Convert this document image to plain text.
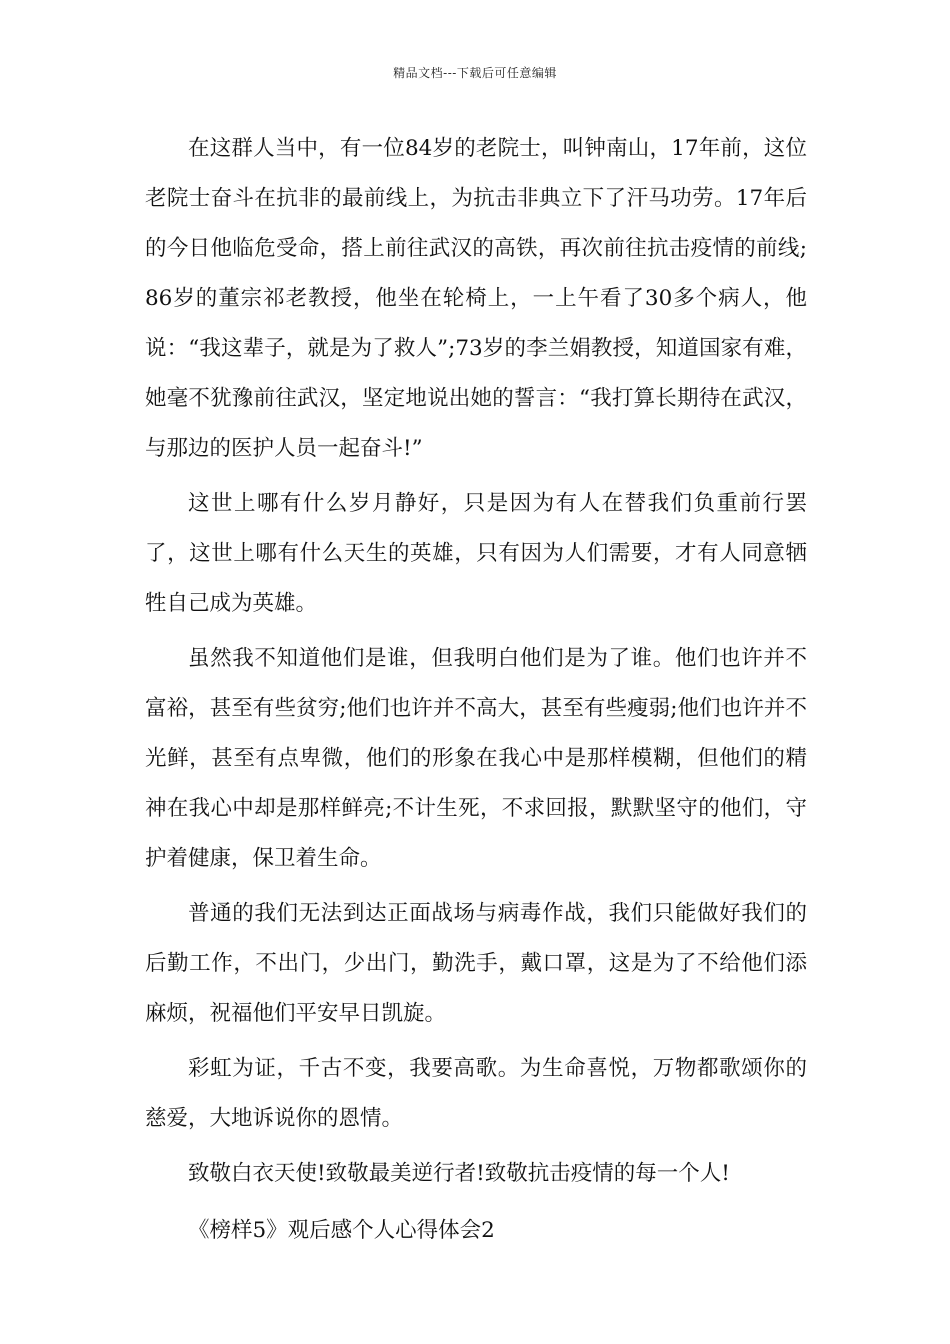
精品文档---下载后可任意编辑

在这群人当中，有一位84岁的老院士，叫钟南山，17年前，这位老院士奋斗在抗非的最前线上，为抗击非典立下了汗马功劳。17年后的今日他临危受命，搭上前往武汉的高铁，再次前往抗击疫情的前线;86岁的董宗祁老教授，他坐在轮椅上，一上午看了30多个病人，他说：“我这辈子，就是为了救人”;73岁的李兰娟教授，知道国家有难，她毫不犹豫前往武汉，坚定地说出她的誓言：“我打算长期待在武汉，与那边的医护人员一起奋斗!”

这世上哪有什么岁月静好，只是因为有人在替我们负重前行罢了，这世上哪有什么天生的英雄，只有因为人们需要，才有人同意牺牲自己成为英雄。

虽然我不知道他们是谁，但我明白他们是为了谁。他们也许并不富裕，甚至有些贫穷;他们也许并不高大，甚至有些瘦弱;他们也许并不光鲜，甚至有点卑微，他们的形象在我心中是那样模糊，但他们的精神在我心中却是那样鲜亮;不计生死，不求回报，默默坚守的他们，守护着健康，保卫着生命。

普通的我们无法到达正面战场与病毒作战，我们只能做好我们的后勤工作，不出门，少出门，勤洗手，戴口罩，这是为了不给他们添麻烦，祝福他们平安早日凯旋。

彩虹为证，千古不变，我要高歌。为生命喜悦，万物都歌颂你的慈爱，大地诉说你的恩情。

致敬白衣天使!致敬最美逆行者!致敬抗击疫情的每一个人!

《榜样5》观后感个人心得体会2
